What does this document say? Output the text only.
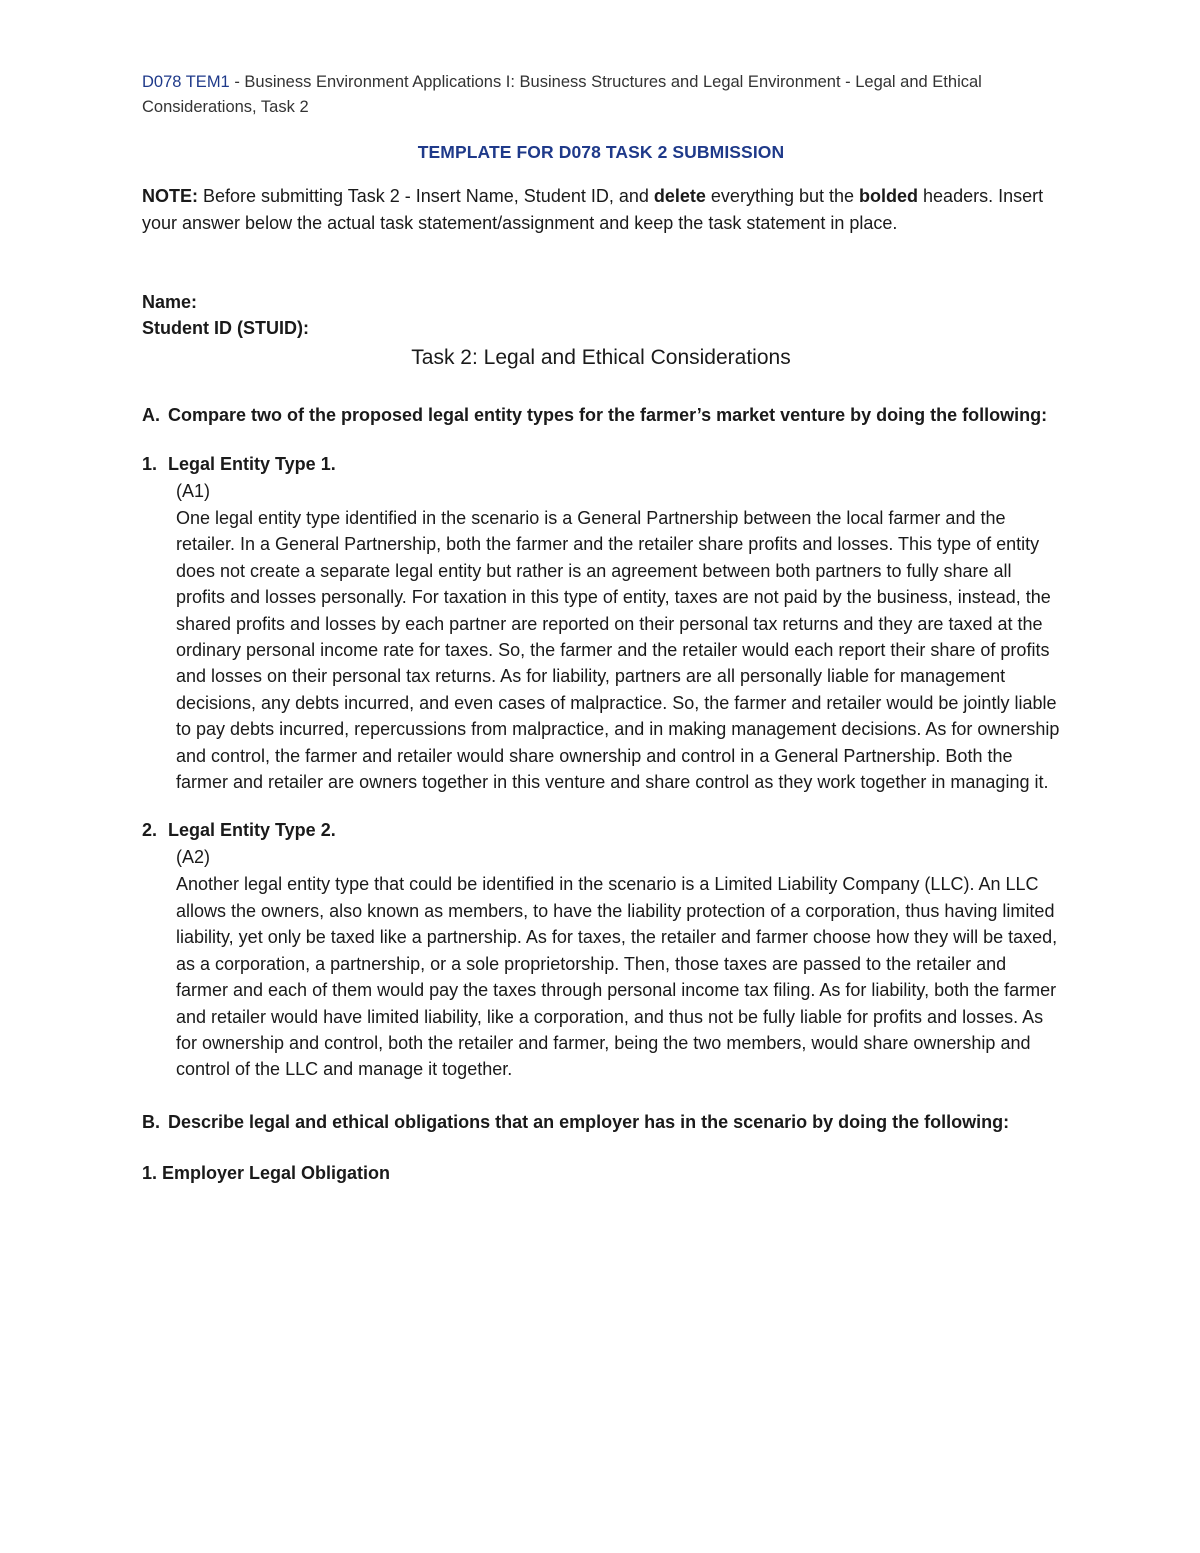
D078 TEM1 - Business Environment Applications I: Business Structures and Legal Environment - Legal and Ethical Considerations, Task 2
TEMPLATE FOR D078 TASK 2 SUBMISSION
NOTE: Before submitting Task 2 - Insert Name, Student ID, and delete everything but the bolded headers. Insert your answer below the actual task statement/assignment and keep the task statement in place.
Name:
Student ID (STUID):
Task 2: Legal and Ethical Considerations
A. Compare two of the proposed legal entity types for the farmer’s market venture by doing the following:
1. Legal Entity Type 1.
(A1)
One legal entity type identified in the scenario is a General Partnership between the local farmer and the retailer. In a General Partnership, both the farmer and the retailer share profits and losses. This type of entity does not create a separate legal entity but rather is an agreement between both partners to fully share all profits and losses personally. For taxation in this type of entity, taxes are not paid by the business, instead, the shared profits and losses by each partner are reported on their personal tax returns and they are taxed at the ordinary personal income rate for taxes. So, the farmer and the retailer would each report their share of profits and losses on their personal tax returns. As for liability, partners are all personally liable for management decisions, any debts incurred, and even cases of malpractice. So, the farmer and retailer would be jointly liable to pay debts incurred, repercussions from malpractice, and in making management decisions. As for ownership and control, the farmer and retailer would share ownership and control in a General Partnership. Both the farmer and retailer are owners together in this venture and share control as they work together in managing it.
2. Legal Entity Type 2.
(A2)
Another legal entity type that could be identified in the scenario is a Limited Liability Company (LLC). An LLC allows the owners, also known as members, to have the liability protection of a corporation, thus having limited liability, yet only be taxed like a partnership. As for taxes, the retailer and farmer choose how they will be taxed, as a corporation, a partnership, or a sole proprietorship. Then, those taxes are passed to the retailer and farmer and each of them would pay the taxes through personal income tax filing. As for liability, both the farmer and retailer would have limited liability, like a corporation, and thus not be fully liable for profits and losses. As for ownership and control, both the retailer and farmer, being the two members, would share ownership and control of the LLC and manage it together.
B. Describe legal and ethical obligations that an employer has in the scenario by doing the following:
1. Employer Legal Obligation
